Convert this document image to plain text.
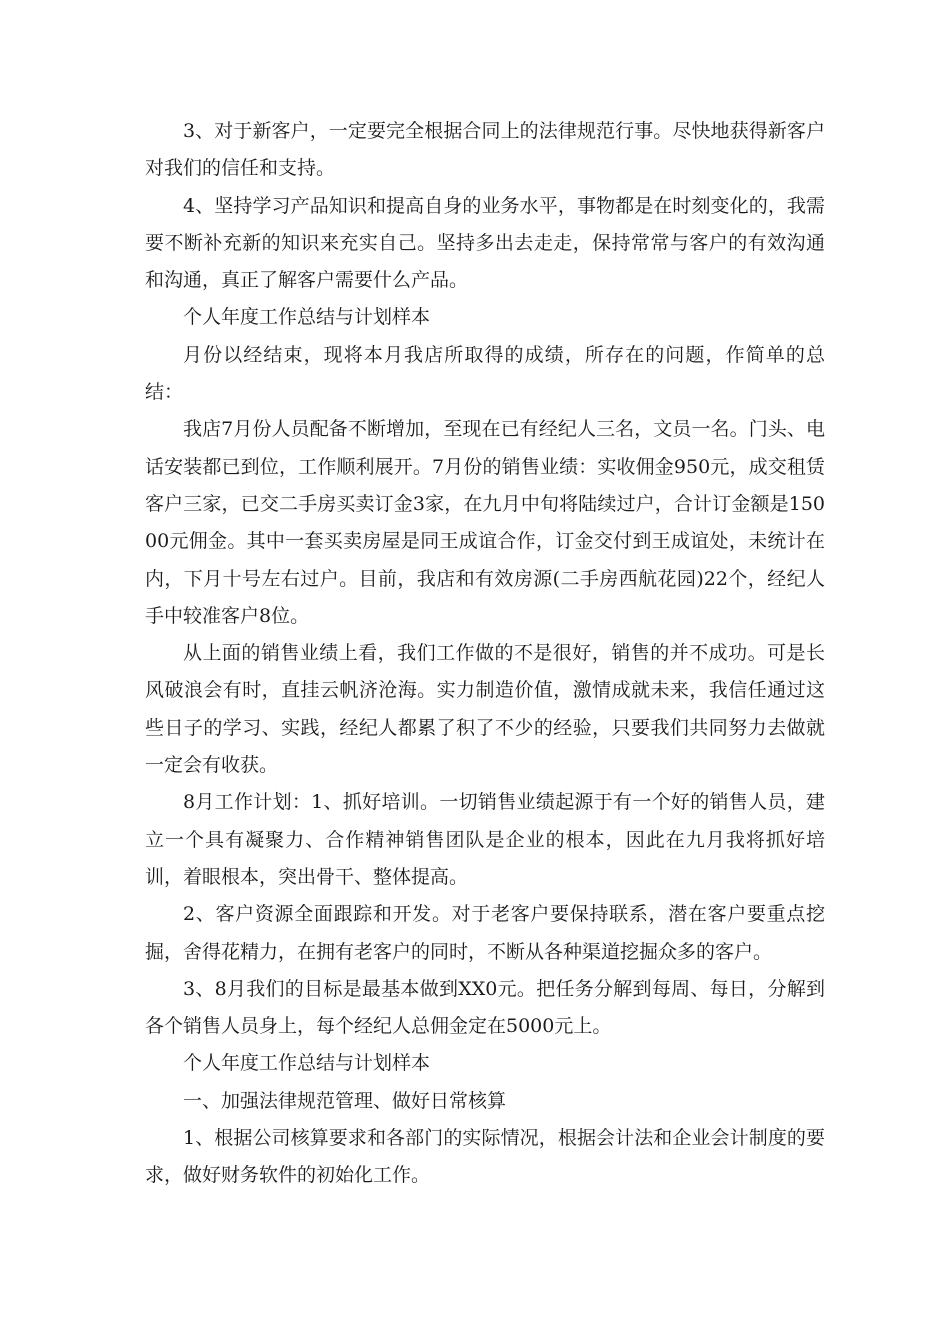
3、对于新客户，一定要完全根据合同上的法律规范行事。尽快地获得新客户对我们的信任和支持。

4、坚持学习产品知识和提高自身的业务水平，事物都是在时刻变化的，我需要不断补充新的知识来充实自己。坚持多出去走走，保持常常与客户的有效沟通和沟通，真正了解客户需要什么产品。

个人年度工作总结与计划样本

月份以经结束，现将本月我店所取得的成绩，所存在的问题，作简单的总结：

我店7月份人员配备不断增加，至现在已有经纪人三名，文员一名。门头、电话安装都已到位，工作顺利展开。7月份的销售业绩：实收佣金950元，成交租赁客户三家，已交二手房买卖订金3家，在九月中旬将陆续过户，合计订金额是15000元佣金。其中一套买卖房屋是同王成谊合作，订金交付到王成谊处，未统计在内，下月十号左右过户。目前，我店和有效房源(二手房西航花园)22个，经纪人手中较准客户8位。

从上面的销售业绩上看，我们工作做的不是很好，销售的并不成功。可是长风破浪会有时，直挂云帆济沧海。实力制造价值，激情成就未来，我信任通过这些日子的学习、实践，经纪人都累了积了不少的经验，只要我们共同努力去做就一定会有收获。

8月工作计划：1、抓好培训。一切销售业绩起源于有一个好的销售人员，建立一个具有凝聚力、合作精神销售团队是企业的根本，因此在九月我将抓好培训，着眼根本，突出骨干、整体提高。

2、客户资源全面跟踪和开发。对于老客户要保持联系，潜在客户要重点挖掘，舍得花精力，在拥有老客户的同时，不断从各种渠道挖掘众多的客户。

3、8月我们的目标是最基本做到XX0元。把任务分解到每周、每日，分解到各个销售人员身上，每个经纪人总佣金定在5000元上。

个人年度工作总结与计划样本

一、加强法律规范管理、做好日常核算

1、根据公司核算要求和各部门的实际情况，根据会计法和企业会计制度的要求，做好财务软件的初始化工作。
